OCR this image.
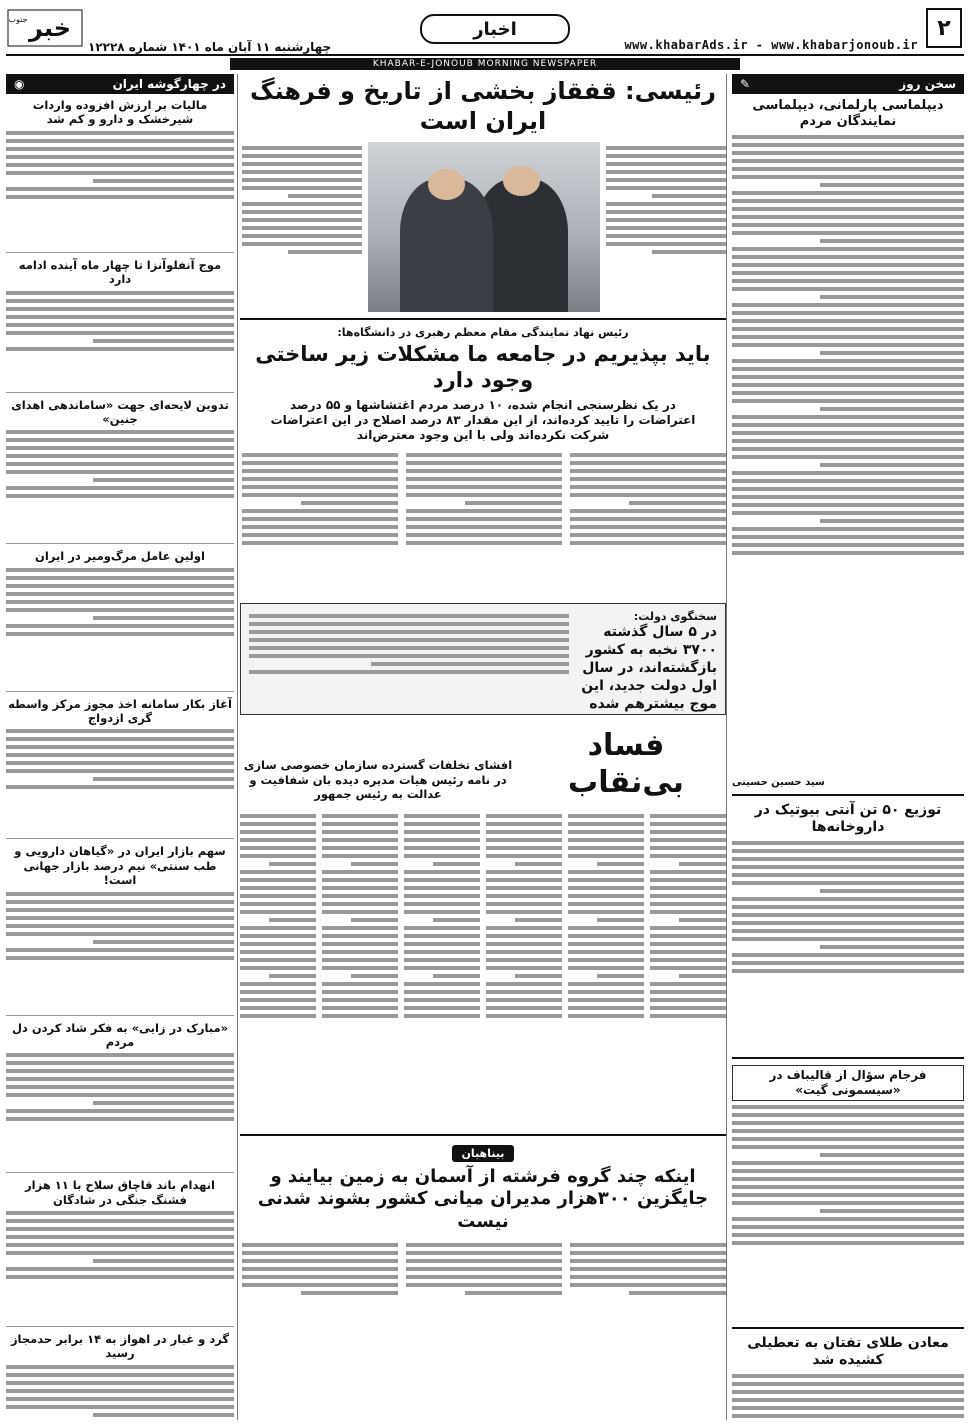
۲
www.khabarAds.ir - www.khabarjonoub.ir
اخبار
چهارشنبه ۱۱ آبان ماه ۱۴۰۱ شماره ۱۲۲۲۸
خبر
جنوب
KHABAR-E-JONOUB MORNING NEWSPAPER
سخن روز
✎
دیپلماسی پارلمانی، دیپلماسی نمایندگان مردم
سید حسین حسینی
توزیع ۵۰ تن آنتی بیوتیک در داروخانه‌ها
فرجام سؤال از قالیباف در «سیسمونی گیت»
معادن طلای تفتان به تعطیلی کشیده شد
در چهارگوشه ایران
◉
مالیات بر ارزش افزوده واردات شیرخشک و دارو و کم شد
موج آنفلوآنزا تا چهار ماه آینده ادامه دارد
تدوین لایحه‌ای جهت «ساماندهی اهدای جنین»
اولین عامل مرگ‌ومیر در ایران
آغاز بکار سامانه اخذ مجوز مرکز واسطه گری ازدواج
سهم بازار ایران در «گیاهان دارویی و طب سنتی» نیم درصد بازار جهانی است!
«مبارک در زایی» به فکر شاد کردن دل مردم
انهدام باند قاچاق سلاح با ۱۱ هزار فشنگ جنگی در شادگان
گرد و غبار در اهواز به ۱۴ برابر حدمجاز رسید
رئیسی: قفقاز بخشی از تاریخ و فرهنگ ایران است
رئیس نهاد نمایندگی مقام معظم رهبری در دانشگاه‌ها:
باید بپذیریم در جامعه ما مشکلات زیر ساختی وجود دارد
در یک نظرسنجی انجام شده، ۱۰ درصد مردم اغتشاشها و ۵۵ درصد اعتراضات را تایید کرده‌اند، از این مقدار ۸۳ درصد اصلاح در این اعتراضات شرکت نکرده‌اند ولی با این وجود معترض‌اند
سخنگوی دولت:
در ۵ سال گذشته ۳۷۰۰ نخبه به کشور بازگشته‌اند، در سال اول دولت جدید، این موج بیشترهم شده
فساد بی‌نقاب
افشای تخلفات گسترده سازمان خصوصی سازی در نامه رئیس هیات مدیره دیده بان شفافیت و عدالت به رئیس جمهور
بیناهبان
اینکه چند گروه فرشته از آسمان به زمین بیایند و جایگزین ۳۰۰هزار مدیران میانی کشور بشوند شدنی نیست
